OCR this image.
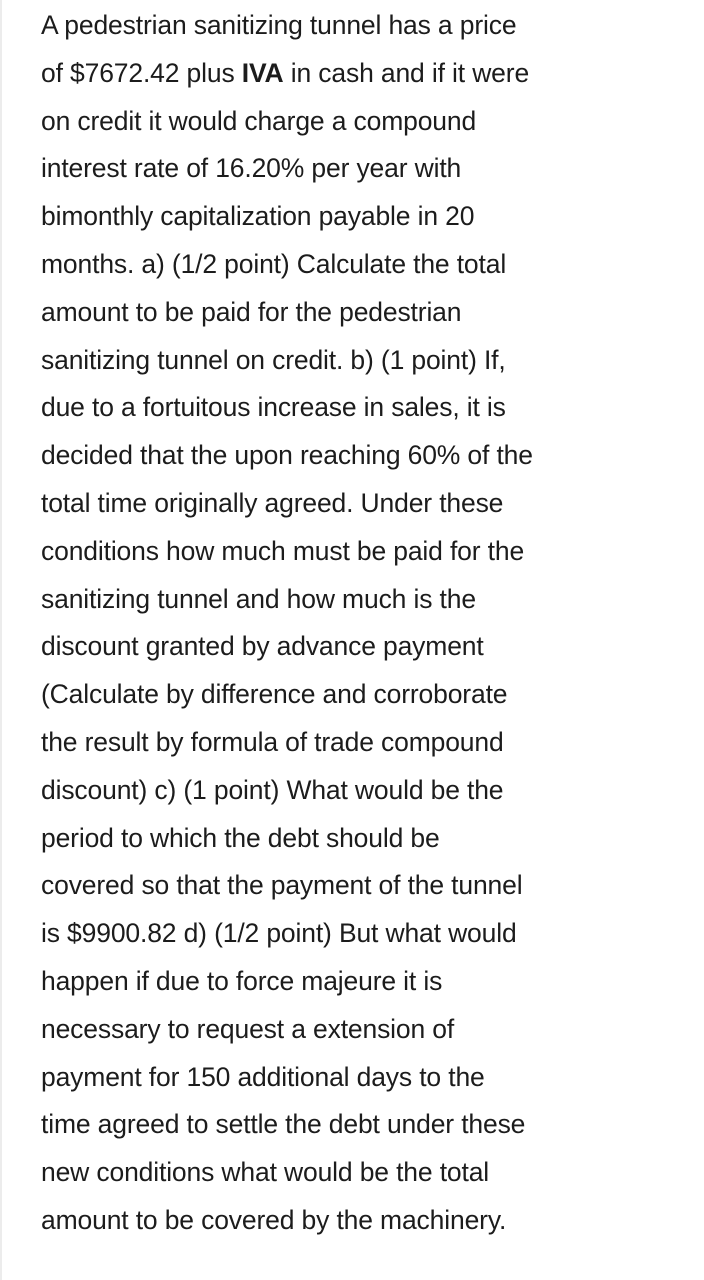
A pedestrian sanitizing tunnel has a price
of $7672.42 plus IVA in cash and if it were
on credit it would charge a compound
interest rate of 16.20% per year with
bimonthly capitalization payable in 20
months. a) (1/2 point) Calculate the total
amount to be paid for the pedestrian
sanitizing tunnel on credit. b) (1 point) If,
due to a fortuitous increase in sales, it is
decided that the upon reaching 60% of the
total time originally agreed. Under these
conditions how much must be paid for the
sanitizing tunnel and how much is the
discount granted by advance payment
(Calculate by difference and corroborate
the result by formula of trade compound
discount) c) (1 point) What would be the
period to which the debt should be
covered so that the payment of the tunnel
is $9900.82 d) (1/2 point) But what would
happen if due to force majeure it is
necessary to request a extension of
payment for 150 additional days to the
time agreed to settle the debt under these
new conditions what would be the total
amount to be covered by the machinery.
